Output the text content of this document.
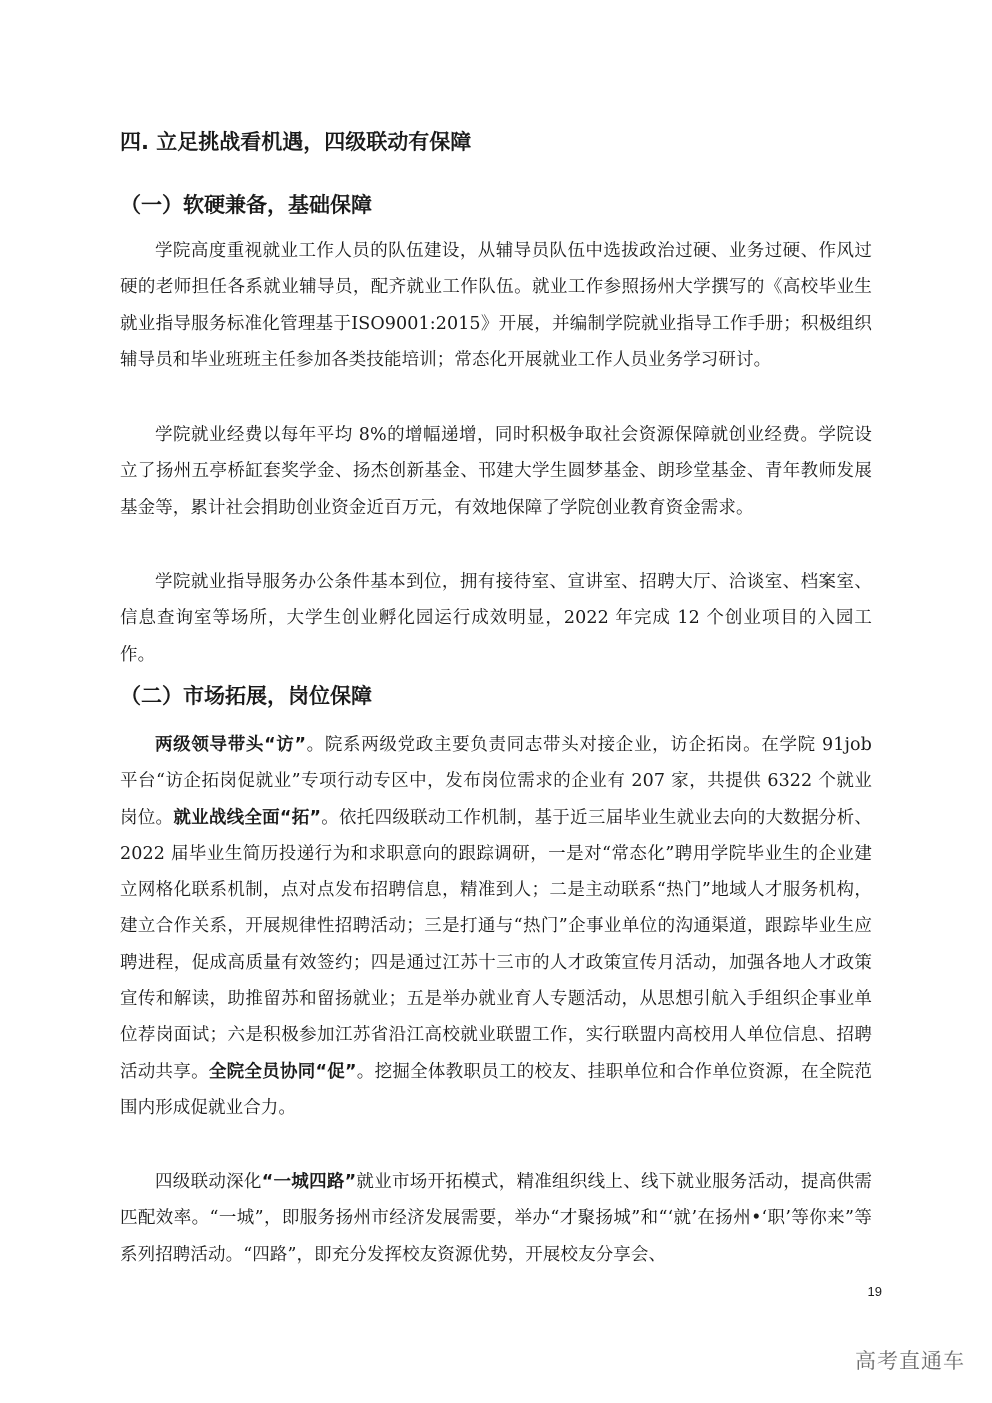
四. 立足挑战看机遇，四级联动有保障
（一）软硬兼备，基础保障

学院高度重视就业工作人员的队伍建设，从辅导员队伍中选拔政治过硬、业务过硬、作风过硬的老师担任各系就业辅导员，配齐就业工作队伍。就业工作参照扬州大学撰写的《高校毕业生就业指导服务标准化管理基于ISO9001:2015》开展，并编制学院就业指导工作手册；积极组织辅导员和毕业班班主任参加各类技能培训；常态化开展就业工作人员业务学习研讨。

学院就业经费以每年平均 8%的增幅递增，同时积极争取社会资源保障就创业经费。学院设立了扬州五亭桥缸套奖学金、扬杰创新基金、邗建大学生圆梦基金、朗珍堂基金、青年教师发展基金等，累计社会捐助创业资金近百万元，有效地保障了学院创业教育资金需求。

学院就业指导服务办公条件基本到位，拥有接待室、宣讲室、招聘大厅、洽谈室、档案室、信息查询室等场所，大学生创业孵化园运行成效明显，2022 年完成 12 个创业项目的入园工作。

（二）市场拓展，岗位保障

两级领导带头“访”。院系两级党政主要负责同志带头对接企业，访企拓岗。在学院 91job 平台“访企拓岗促就业”专项行动专区中，发布岗位需求的企业有 207 家，共提供 6322 个就业岗位。就业战线全面“拓”。依托四级联动工作机制，基于近三届毕业生就业去向的大数据分析、2022 届毕业生简历投递行为和求职意向的跟踪调研，一是对“常态化”聘用学院毕业生的企业建立网格化联系机制，点对点发布招聘信息，精准到人；二是主动联系“热门”地域人才服务机构，建立合作关系，开展规律性招聘活动；三是打通与“热门”企事业单位的沟通渠道，跟踪毕业生应聘进程，促成高质量有效签约；四是通过江苏十三市的人才政策宣传月活动，加强各地人才政策宣传和解读，助推留苏和留扬就业；五是举办就业育人专题活动，从思想引航入手组织企事业单位荐岗面试；六是积极参加江苏省沿江高校就业联盟工作，实行联盟内高校用人单位信息、招聘活动共享。全院全员协同“促”。挖掘全体教职员工的校友、挂职单位和合作单位资源，在全院范围内形成促就业合力。

四级联动深化“一城四路”就业市场开拓模式，精准组织线上、线下就业服务活动，提高供需匹配效率。“一城”，即服务扬州市经济发展需要，举办“才聚扬城”和“‘就’在扬州•‘职’等你来”等系列招聘活动。“四路”，即充分发挥校友资源优势，开展校友分享会、

19
高考直通车
